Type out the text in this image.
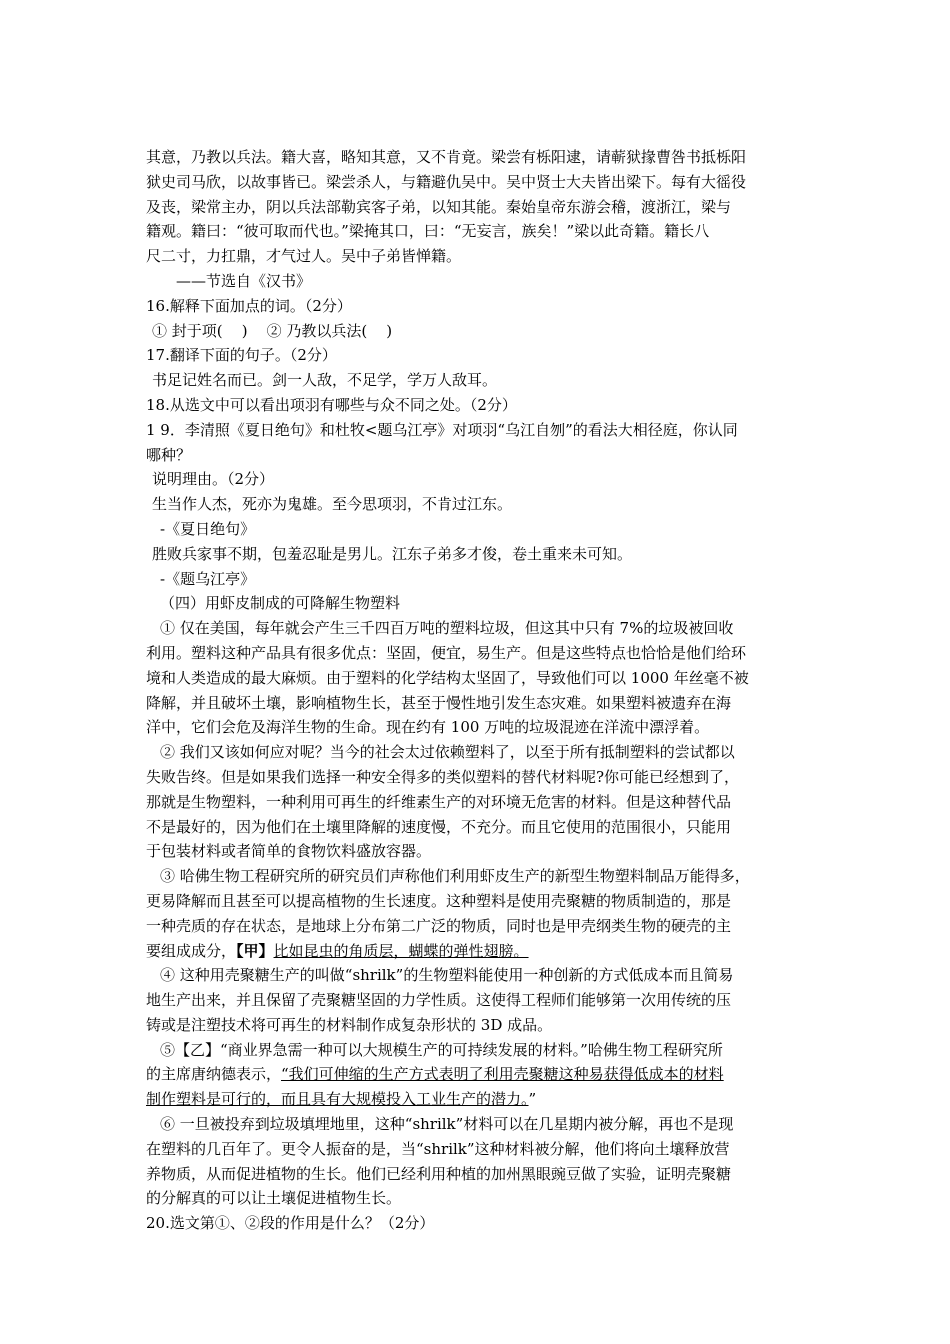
其意，乃教以兵法。籍大喜，略知其意，又不肯竟。梁尝有栎阳逮，请蕲狱掾曹咎书抵栎阳

狱史司马欣，以故事皆已。梁尝杀人，与籍避仇吴中。吴中贤士大夫皆出梁下。每有大徭役

及丧，梁常主办，阴以兵法部勒宾客子弟，以知其能。秦始皇帝东游会稽，渡浙江，梁与

籍观。籍曰：“彼可取而代也。”梁掩其口，曰：“无妄言，族矣！”梁以此奇籍。籍长八

尺二寸，力扛鼎，才气过人。吴中子弟皆惮籍。

——节选自《汉书》

16.解释下面加点的词。（2分）

① 封于项(    )    ② 乃教以兵法(    )

17.翻译下面的句子。（2分）

书足记姓名而已。剑一人敌，不足学，学万人敌耳。

18.从选文中可以看出项羽有哪些与众不同之处。（2分）

1 9．李清照《夏日绝句》和杜牧<题乌江亭》对项羽“乌江自刎”的看法大相径庭，你认同

哪种？

说明理由。（2分）

生当作人杰，死亦为鬼雄。至今思项羽，不肯过江东。

-《夏日绝句》

胜败兵家事不期，包羞忍耻是男儿。江东子弟多才俊，卷土重来未可知。

-《题乌江亭》

（四）用虾皮制成的可降解生物塑料

① 仅在美国，每年就会产生三千四百万吨的塑料垃圾，但这其中只有 7%的垃圾被回收

利用。塑料这种产品具有很多优点：坚固，便宜，易生产。但是这些特点也恰恰是他们给环

境和人类造成的最大麻烦。由于塑料的化学结构太坚固了，导致他们可以 1000 年丝毫不被

降解，并且破坏土壤，影响植物生长，甚至于慢性地引发生态灾难。如果塑料被遗弃在海

洋中，它们会危及海洋生物的生命。现在约有 100 万吨的垃圾混迹在洋流中漂浮着。

② 我们又该如何应对呢？当今的社会太过依赖塑料了，以至于所有抵制塑料的尝试都以

失败告终。但是如果我们选择一种安全得多的类似塑料的替代材料呢?你可能已经想到了，

那就是生物塑料，一种利用可再生的纤维素生产的对环境无危害的材料。但是这种替代品

不是最好的，因为他们在土壤里降解的速度慢，不充分。而且它使用的范围很小，只能用

于包装材料或者简单的食物饮料盛放容器。

③ 哈佛生物工程研究所的研究员们声称他们利用虾皮生产的新型生物塑料制品万能得多，

更易降解而且甚至可以提高植物的生长速度。这种塑料是使用壳聚糖的物质制造的，那是

一种壳质的存在状态，是地球上分布第二广泛的物质，同时也是甲壳纲类生物的硬壳的主

要组成成分，【甲】比如昆虫的角质层，蝴蝶的弹性翅膀。

④ 这种用壳聚糖生产的叫做“shrilk”的生物塑料能使用一种创新的方式低成本而且简易

地生产出来，并且保留了壳聚糖坚固的力学性质。这使得工程师们能够第一次用传统的压

铸或是注塑技术将可再生的材料制作成复杂形状的 3D 成品。

⑤【乙】“商业界急需一种可以大规模生产的可持续发展的材料。”哈佛生物工程研究所

的主席唐纳德表示，“我们可伸缩的生产方式表明了利用壳聚糖这种易获得低成本的材料

制作塑料是可行的，而且具有大规模投入工业生产的潜力。”

⑥ 一旦被投弃到垃圾填埋地里，这种“shrilk”材料可以在几星期内被分解，再也不是现

在塑料的几百年了。更令人振奋的是，当“shrilk”这种材料被分解，他们将向土壤释放营

养物质，从而促进植物的生长。他们已经利用种植的加州黑眼豌豆做了实验，证明壳聚糖

的分解真的可以让土壤促进植物生长。

20.选文第①、②段的作用是什么？（2分）
